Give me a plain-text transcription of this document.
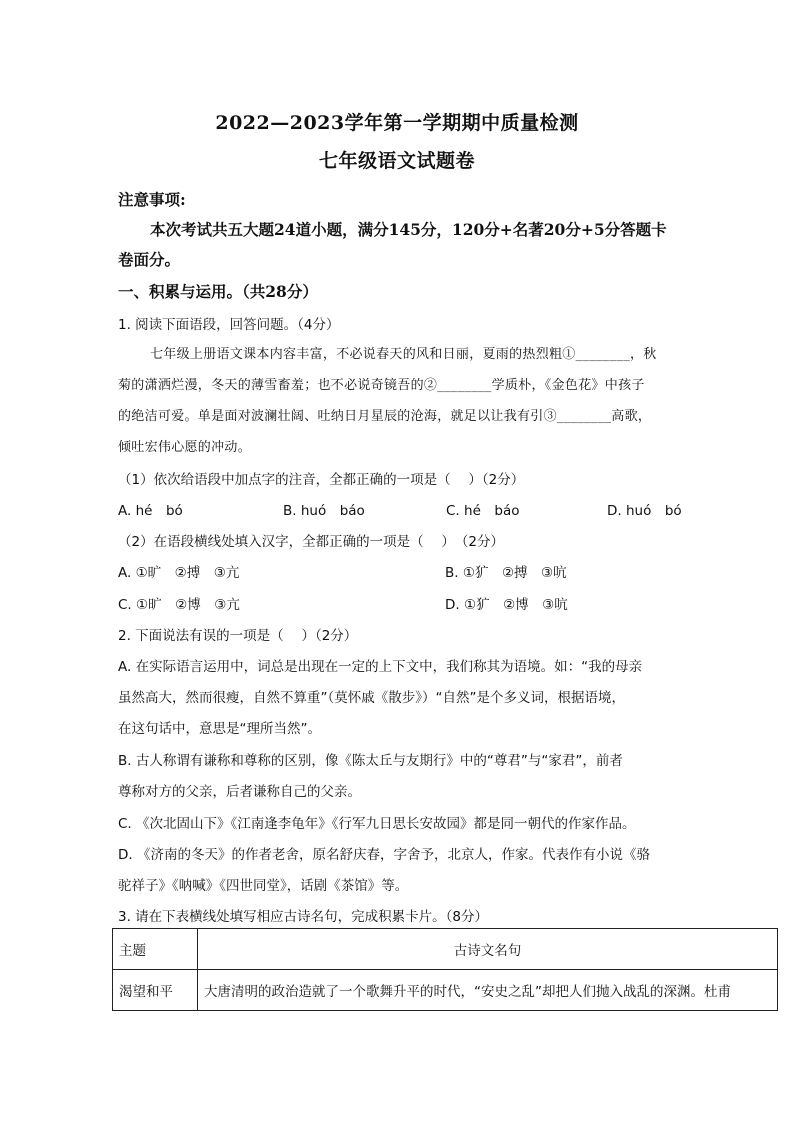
2022—2023学年第一学期期中质量检测
七年级语文试题卷
注意事项:
本次考试共五大题24道小题，满分145分，120分+名著20分+5分答题卡
卷面分。
一、积累与运用。（共28分）
1. 阅读下面语段，回答问题。（4分）
七年级上册语文课本内容丰富，不必说春天的风和日丽，夏雨的热烈粗①________，秋
菊的潇洒烂漫，冬天的薄雪畜羞；也不必说奇镜吾的②________学质朴，《金色花》中孩子
的绝洁可爱。单是面对波澜壮阔、吐纳日月星辰的沧海，就足以让我有引③________高歌，
倾吐宏伟心愿的冲动。
（1）依次给语段中加点字的注音，全都正确的一项是（　 ）（2分）
A. hé　bó	B. huó　báo	C. hé　báo	D. huó　bó
（2）在语段横线处填入汉字，全都正确的一项是（　 ）　（2分）
A. ①旷　②搏　③亢	B. ①犷　②搏　③吭
C. ①旷　②博　③亢	D. ①犷　②博　③吭
2. 下面说法有误的一项是（　 ）（2分）
A. 在实际语言运用中，词总是出现在一定的上下文中，我们称其为语境。如：“我的母亲
虽然高大，然而很瘦，自然不算重”（莫怀戚《散步》）“自然”是个多义词，根据语境，
在这句话中，意思是“理所当然”。
B. 古人称谓有谦称和尊称的区别，像《陈太丘与友期行》中的“尊君”与“家君”，前者
尊称对方的父亲，后者谦称自己的父亲。
C. 《次北固山下》《江南逢李龟年》《行军九日思长安故园》都是同一朝代的作家作品。
D. 《济南的冬天》的作者老舍，原名舒庆春，字舍予，北京人，作家。代表作有小说《骆
驼祥子》《呐喊》《四世同堂》，话剧《茶馆》等。
3. 请在下表横线处填写相应古诗名句，完成积累卡片。（8分）
主题	古诗文名句
渴望和平	大唐清明的政治造就了一个歌舞升平的时代，“安史之乱”却把人们抛入战乱的深渊。杜甫
